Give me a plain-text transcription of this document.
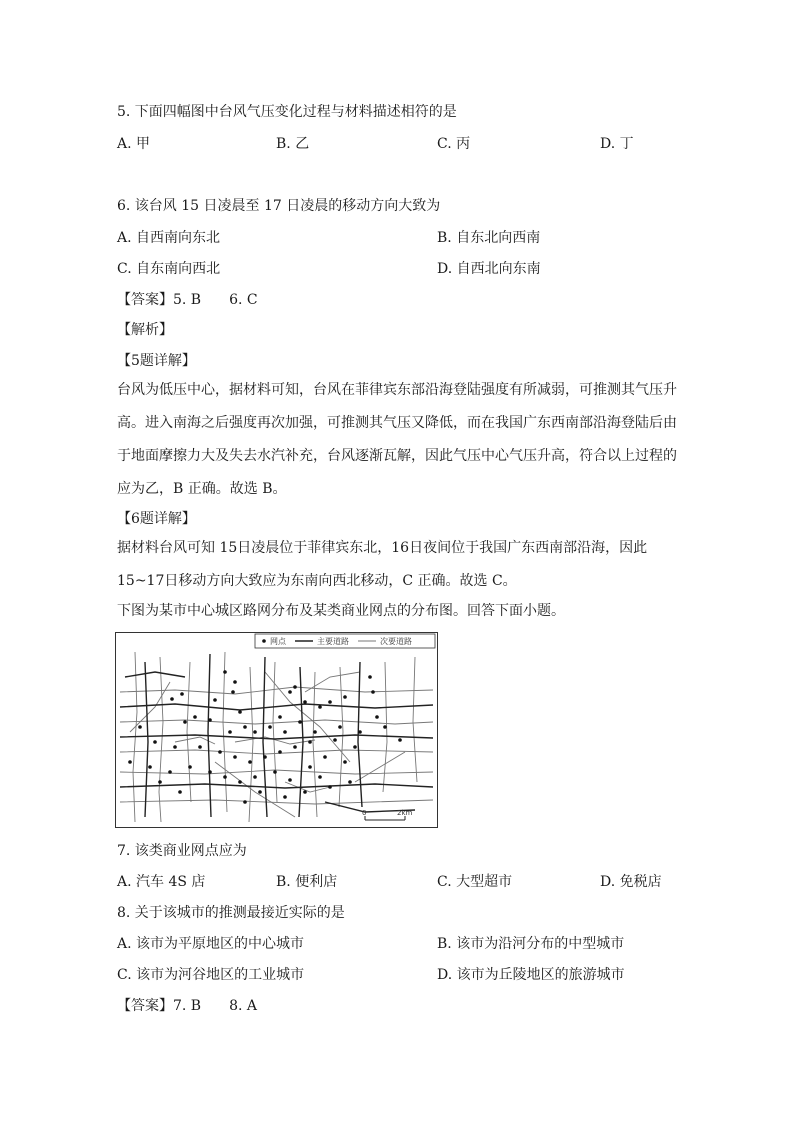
5. 下面四幅图中台风气压变化过程与材料描述相符的是
A. 甲	B. 乙	C. 丙	D. 丁
6. 该台风 15 日凌晨至 17 日凌晨的移动方向大致为
A. 自西南向东北	B. 自东北向西南
C. 自东南向西北	D. 自西北向东南
【答案】5. B　　6. C
【解析】
【5题详解】
台风为低压中心，据材料可知，台风在菲律宾东部沿海登陆强度有所减弱，可推测其气压升高。进入南海之后强度再次加强，可推测其气压又降低，而在我国广东西南部沿海登陆后由于地面摩擦力大及失去水汽补充，台风逐渐瓦解，因此气压中心气压升高，符合以上过程的应为乙，B 正确。故选 B。
【6题详解】
据材料台风可知 15日凌晨位于菲律宾东北，16日夜间位于我国广东西南部沿海，因此 15~17日移动方向大致应为东南向西北移动，C 正确。故选 C。
下图为某市中心城区路网分布及某类商业网点的分布图。回答下面小题。
网点	主要道路	次要道路
0	2km
7. 该类商业网点应为
A. 汽车 4S 店	B. 便利店	C. 大型超市	D. 免税店
8. 关于该城市的推测最接近实际的是
A. 该市为平原地区的中心城市	B. 该市为沿河分布的中型城市
C. 该市为河谷地区的工业城市	D. 该市为丘陵地区的旅游城市
【答案】7. B　　8. A
